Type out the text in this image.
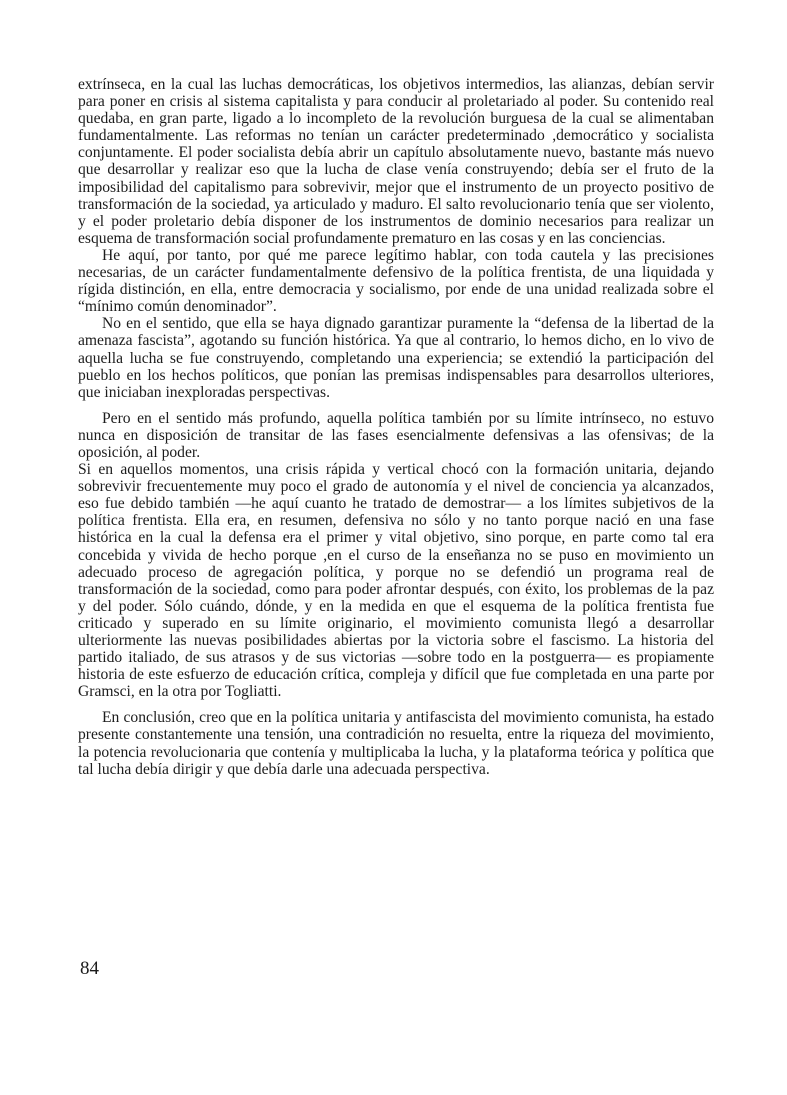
extrínseca, en la cual las luchas democráticas, los objetivos intermedios, las alianzas, debían servir para poner en crisis al sistema capitalista y para conducir al proletariado al poder. Su contenido real quedaba, en gran parte, ligado a lo incompleto de la revolución burguesa de la cual se alimentaban fundamentalmente. Las reformas no tenían un carácter predeterminado ,democrático y socialista conjuntamente. El poder socialista debía abrir un capítulo absolutamente nuevo, bastante más nuevo que desarrollar y realizar eso que la lucha de clase venía construyendo; debía ser el fruto de la imposibilidad del capitalismo para sobrevivir, mejor que el instrumento de un proyecto positivo de transformación de la sociedad, ya articulado y maduro. El salto revolucionario tenía que ser violento, y el poder proletario debía disponer de los instrumentos de dominio necesarios para realizar un esquema de transformación social profundamente prematuro en las cosas y en las conciencias.

He aquí, por tanto, por qué me parece legítimo hablar, con toda cautela y las precisiones necesarias, de un carácter fundamentalmente defensivo de la política frentista, de una liquidada y rígida distinción, en ella, entre democracia y socialismo, por ende de una unidad realizada sobre el “mínimo común denominador”.

No en el sentido, que ella se haya dignado garantizar puramente la “defensa de la libertad de la amenaza fascista”, agotando su función histórica. Ya que al contrario, lo hemos dicho, en lo vivo de aquella lucha se fue construyendo, completando una experiencia; se extendió la participación del pueblo en los hechos políticos, que ponían las premisas indispensables para desarrollos ulteriores, que iniciaban inexploradas perspectivas.

Pero en el sentido más profundo, aquella política también por su límite intrínseco, no estuvo nunca en disposición de transitar de las fases esencialmente defensivas a las ofensivas; de la oposición, al poder.

Si en aquellos momentos, una crisis rápida y vertical chocó con la formación unitaria, dejando sobrevivir frecuentemente muy poco el grado de autonomía y el nivel de conciencia ya alcanzados, eso fue debido también —he aquí cuanto he tratado de demostrar— a los límites subjetivos de la política frentista. Ella era, en resumen, defensiva no sólo y no tanto porque nació en una fase histórica en la cual la defensa era el primer y vital objetivo, sino porque, en parte como tal era concebida y vivida de hecho porque ,en el curso de la enseñanza no se puso en movimiento un adecuado proceso de agregación política, y porque no se defendió un programa real de transformación de la sociedad, como para poder afrontar después, con éxito, los problemas de la paz y del poder. Sólo cuándo, dónde, y en la medida en que el esquema de la política frentista fue criticado y superado en su límite originario, el movimiento comunista llegó a desarrollar ulteriormente las nuevas posibilidades abiertas por la victoria sobre el fascismo. La historia del partido italiado, de sus atrasos y de sus victorias —sobre todo en la postguerra— es propiamente historia de este esfuerzo de educación crítica, compleja y difícil que fue completada en una parte por Gramsci, en la otra por Togliatti.

En conclusión, creo que en la política unitaria y antifascista del movimiento comunista, ha estado presente constantemente una tensión, una contradición no resuelta, entre la riqueza del movimiento, la potencia revolucionaria que contenía y multiplicaba la lucha, y la plataforma teórica y política que tal lucha debía dirigir y que debía darle una adecuada perspectiva.

84
